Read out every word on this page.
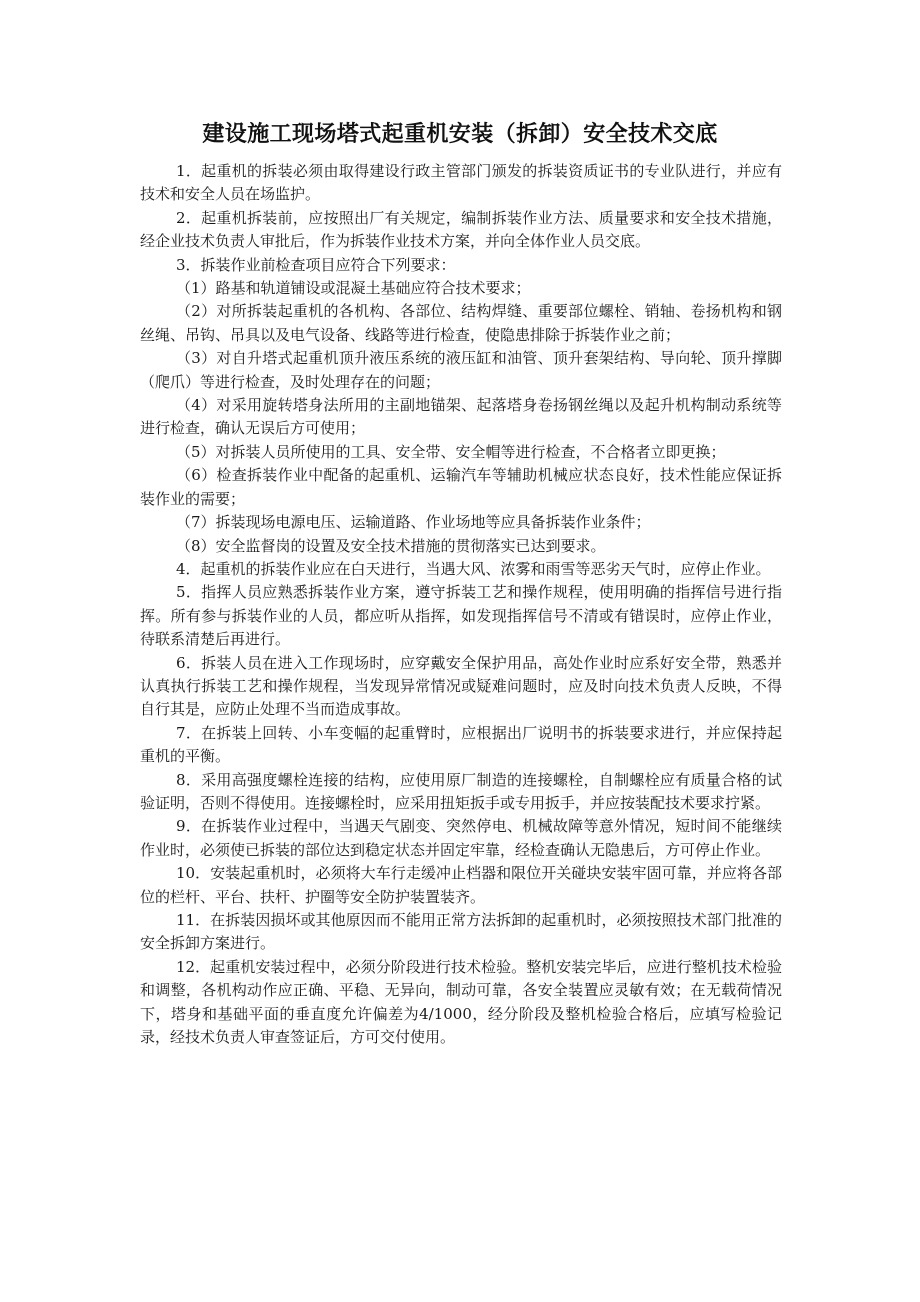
建设施工现场塔式起重机安装（拆卸）安全技术交底

1．起重机的拆装必须由取得建设行政主管部门颁发的拆装资质证书的专业队进行，并应有技术和安全人员在场监护。

2．起重机拆装前，应按照出厂有关规定，编制拆装作业方法、质量要求和安全技术措施，经企业技术负责人审批后，作为拆装作业技术方案，并向全体作业人员交底。

3．拆装作业前检查项目应符合下列要求：

（1）路基和轨道铺设或混凝土基础应符合技术要求；

（2）对所拆装起重机的各机构、各部位、结构焊缝、重要部位螺栓、销轴、卷扬机构和钢丝绳、吊钩、吊具以及电气设备、线路等进行检查，使隐患排除于拆装作业之前；

（3）对自升塔式起重机顶升液压系统的液压缸和油管、顶升套架结构、导向轮、顶升撑脚（爬爪）等进行检查，及时处理存在的问题；

（4）对采用旋转塔身法所用的主副地锚架、起落塔身卷扬钢丝绳以及起升机构制动系统等进行检查，确认无误后方可使用；

（5）对拆装人员所使用的工具、安全带、安全帽等进行检查，不合格者立即更换；

（6）检查拆装作业中配备的起重机、运输汽车等辅助机械应状态良好，技术性能应保证拆装作业的需要；

（7）拆装现场电源电压、运输道路、作业场地等应具备拆装作业条件；

（8）安全监督岗的设置及安全技术措施的贯彻落实已达到要求。

4．起重机的拆装作业应在白天进行，当遇大风、浓雾和雨雪等恶劣天气时，应停止作业。

5．指挥人员应熟悉拆装作业方案，遵守拆装工艺和操作规程，使用明确的指挥信号进行指挥。所有参与拆装作业的人员，都应听从指挥，如发现指挥信号不清或有错误时，应停止作业，待联系清楚后再进行。

6．拆装人员在进入工作现场时，应穿戴安全保护用品，高处作业时应系好安全带，熟悉并认真执行拆装工艺和操作规程，当发现异常情况或疑难问题时，应及时向技术负责人反映，不得自行其是，应防止处理不当而造成事故。

7．在拆装上回转、小车变幅的起重臂时，应根据出厂说明书的拆装要求进行，并应保持起重机的平衡。

8．采用高强度螺栓连接的结构，应使用原厂制造的连接螺栓，自制螺栓应有质量合格的试验证明，否则不得使用。连接螺栓时，应采用扭矩扳手或专用扳手，并应按装配技术要求拧紧。

9．在拆装作业过程中，当遇天气剧变、突然停电、机械故障等意外情况，短时间不能继续作业时，必须使已拆装的部位达到稳定状态并固定牢靠，经检查确认无隐患后，方可停止作业。

10．安装起重机时，必须将大车行走缓冲止档器和限位开关碰块安装牢固可靠，并应将各部位的栏杆、平台、扶杆、护圈等安全防护装置装齐。

11．在拆装因损坏或其他原因而不能用正常方法拆卸的起重机时，必须按照技术部门批准的安全拆卸方案进行。

12．起重机安装过程中，必须分阶段进行技术检验。整机安装完毕后，应进行整机技术检验和调整，各机构动作应正确、平稳、无异向，制动可靠，各安全装置应灵敏有效；在无载荷情况下，塔身和基础平面的垂直度允许偏差为4/1000，经分阶段及整机检验合格后，应填写检验记录，经技术负责人审查签证后，方可交付使用。
